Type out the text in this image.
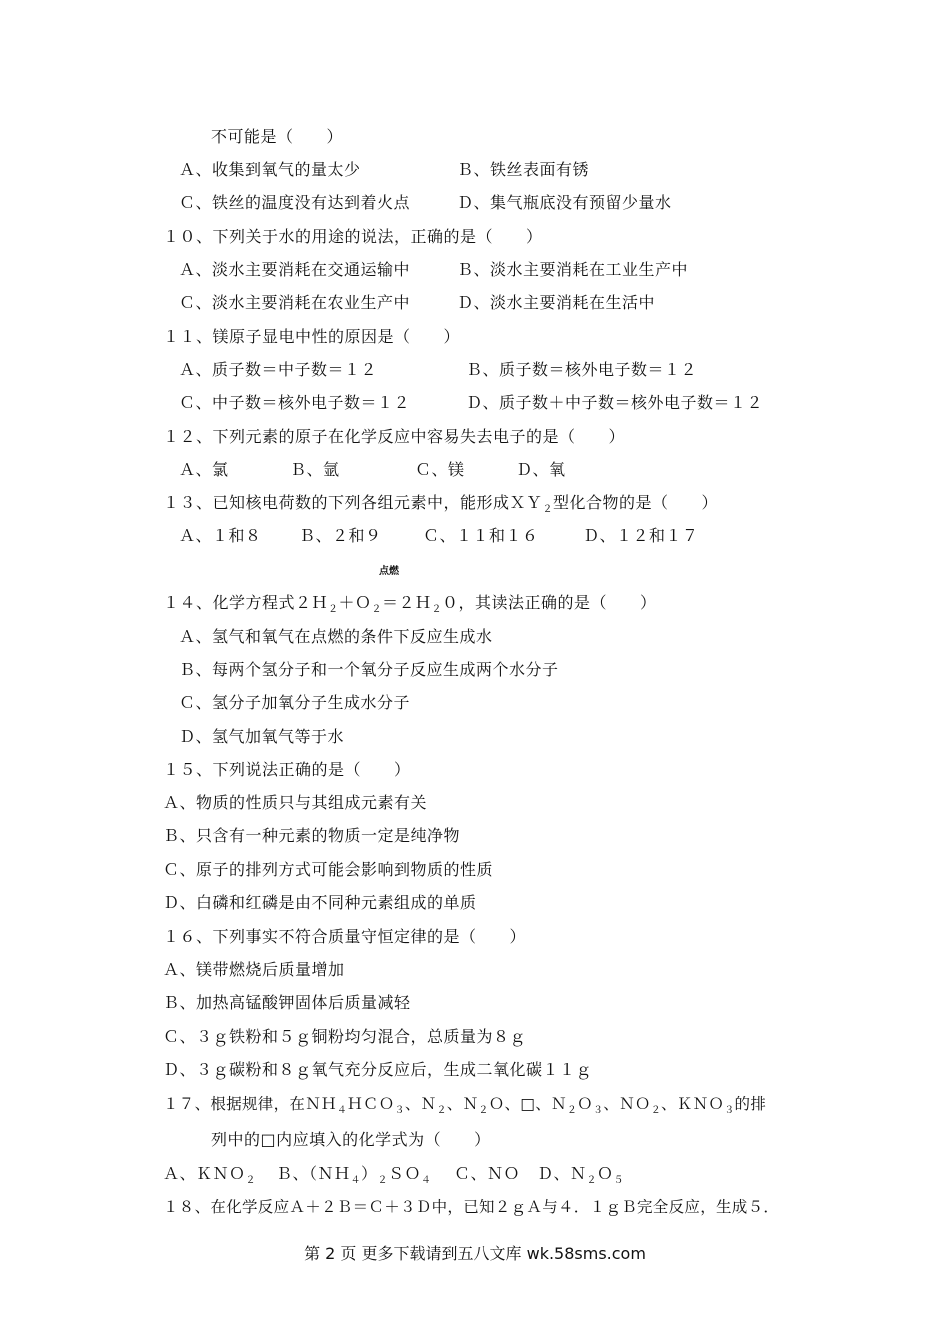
不可能是（　　）
Ａ、收集到氧气的量太少	Ｂ、铁丝表面有锈
Ｃ、铁丝的温度没有达到着火点	Ｄ、集气瓶底没有预留少量水
１０、下列关于水的用途的说法，正确的是（　　）
Ａ、淡水主要消耗在交通运输中	Ｂ、淡水主要消耗在工业生产中
Ｃ、淡水主要消耗在农业生产中	Ｄ、淡水主要消耗在生活中
１１、镁原子显电中性的原因是（　　）
Ａ、质子数＝中子数＝１２	Ｂ、质子数＝核外电子数＝１２
Ｃ、中子数＝核外电子数＝１２	Ｄ、质子数＋中子数＝核外电子数＝１２
１２、下列元素的原子在化学反应中容易失去电子的是（　　）
Ａ、氯	Ｂ、氩	Ｃ、镁	Ｄ、氧
１３、已知核电荷数的下列各组元素中，能形成ＸＹ$_2$型化合物的是（　　）
Ａ、１和８ Ｂ、２和９	Ｃ、１１和１６	Ｄ、１２和１７
点燃
１４、化学方程式２Ｈ$_2$＋Ｏ$_2$＝２Ｈ$_2$０，其读法正确的是（　　）
Ａ、氢气和氧气在点燃的条件下反应生成水
Ｂ、每两个氢分子和一个氧分子反应生成两个水分子
Ｃ、氢分子加氧分子生成水分子
Ｄ、氢气加氧气等于水
１５、下列说法正确的是（　　）
Ａ、物质的性质只与其组成元素有关
Ｂ、只含有一种元素的物质一定是纯净物
Ｃ、原子的排列方式可能会影响到物质的性质
Ｄ、白磷和红磷是由不同种元素组成的单质
１６、下列事实不符合质量守恒定律的是（　　）
Ａ、镁带燃烧后质量增加
Ｂ、加热高锰酸钾固体后质量减轻
Ｃ、３ｇ铁粉和５ｇ铜粉均匀混合，总质量为８ｇ
Ｄ、３ｇ碳粉和８ｇ氧气充分反应后，生成二氧化碳１１ｇ
１７、根据规律，在ＮＨ$_4$ＨＣＯ$_3$、Ｎ$_2$、Ｎ$_2$Ｏ、□、Ｎ$_2$Ｏ$_3$、ＮＯ$_2$、ＫＮＯ$_3$的排
列中的□内应填入的化学式为（　　）
Ａ、ＫＮＯ$_2$ Ｂ、$(NH_4)_2SO_4$ Ｃ、ＮＯ Ｄ、Ｎ$_2$Ｏ$_5$
１８、在化学反应Ａ＋２Ｂ＝Ｃ＋３Ｄ中，已知２ｇＡ与４．１ｇＢ完全反应，生成５．
第 2 页 更多下载请到五八文库 wk.58sms.com
